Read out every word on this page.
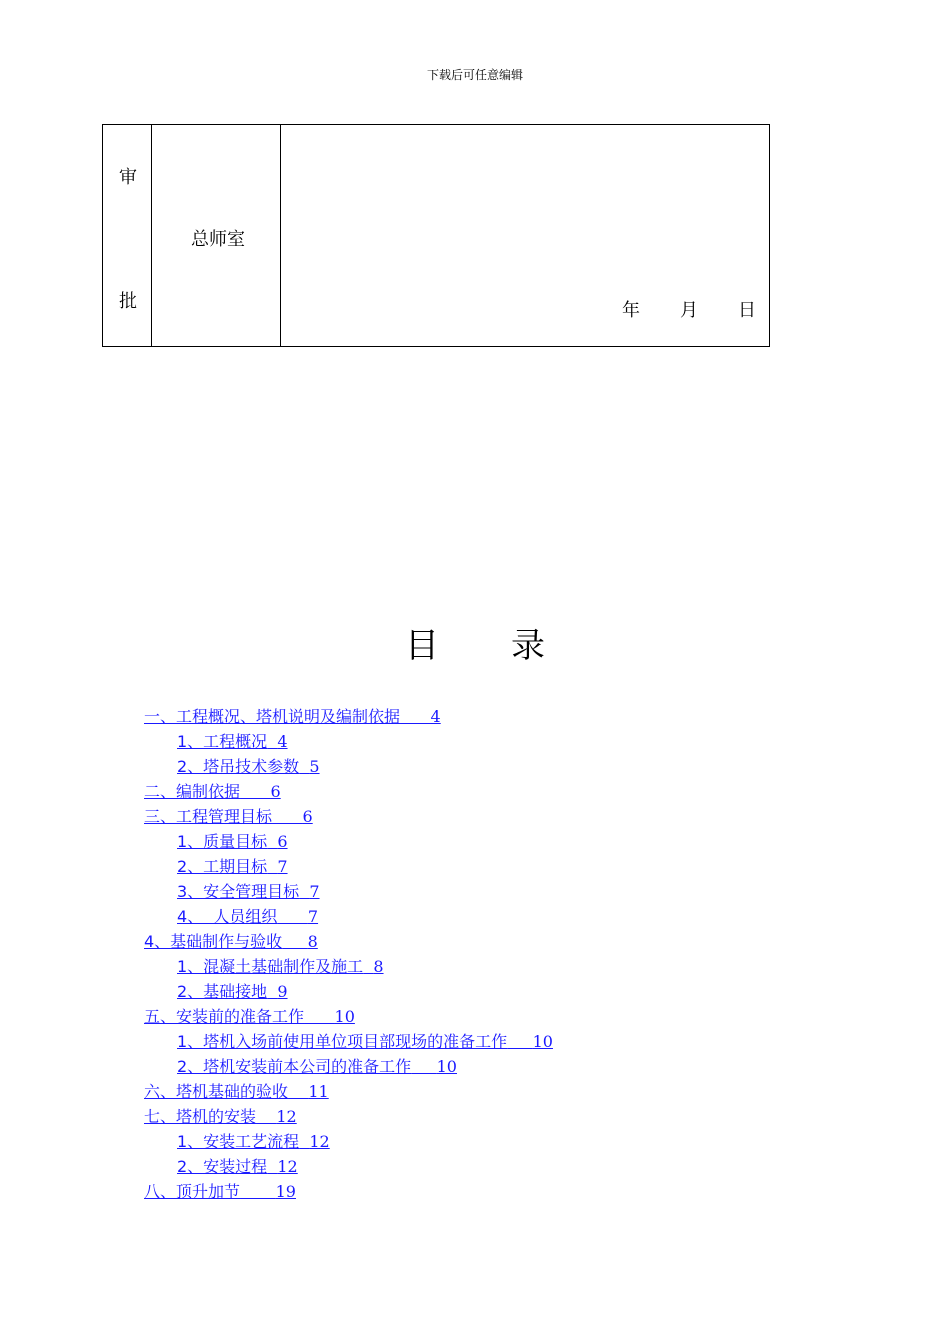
下载后可任意编辑
审
批
总师室
年 月 日
目 录
一、工程概况、塔机说明及编制依据 4
1、工程概况 4
2、塔吊技术参数 5
二、编制依据 6
三、工程管理目标 6
1、质量目标 6
2、工期目标 7
3、安全管理目标 7
4、  人员组织 7
4、基础制作与验收 8
1、混凝土基础制作及施工 8
2、基础接地 9
五、安装前的准备工作 10
1、塔机入场前使用单位项目部现场的准备工作 10
2、塔机安装前本公司的准备工作 10
六、塔机基础的验收 11
七、塔机的安装 12
1、安装工艺流程 12
2、安装过程 12
八、顶升加节 19
